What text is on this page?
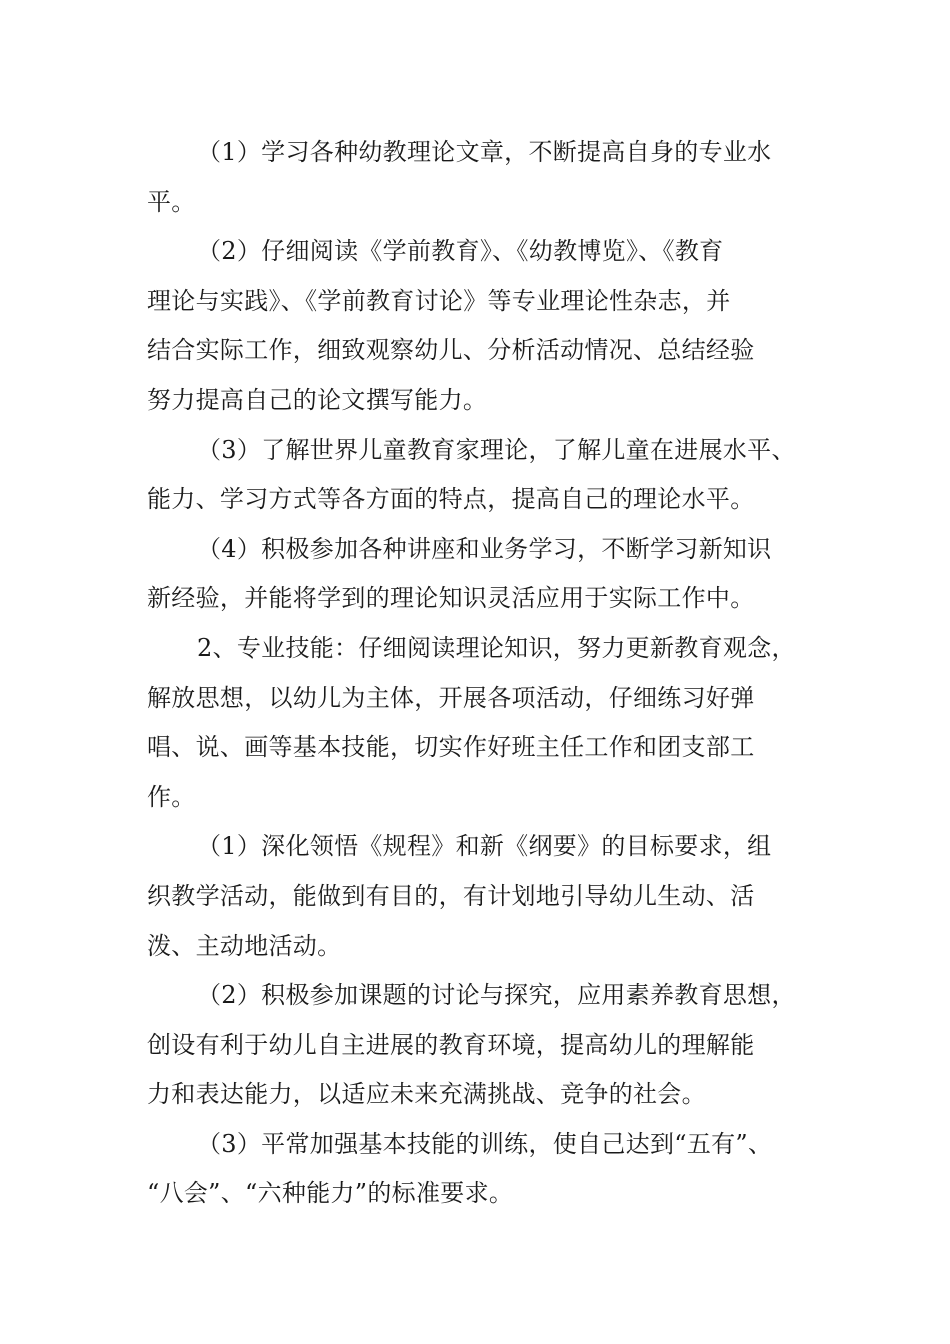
（1）学习各种幼教理论文章，不断提高自身的专业水
平。
（2）仔细阅读《学前教育》、《幼教博览》、《教育
理论与实践》、《学前教育讨论》等专业理论性杂志，并
结合实际工作，细致观察幼儿、分析活动情况、总结经验
努力提高自己的论文撰写能力。
（3）了解世界儿童教育家理论，了解儿童在进展水平、
能力、学习方式等各方面的特点，提高自己的理论水平。
（4）积极参加各种讲座和业务学习，不断学习新知识
新经验，并能将学到的理论知识灵活应用于实际工作中。
2、专业技能：仔细阅读理论知识，努力更新教育观念，
解放思想，以幼儿为主体，开展各项活动，仔细练习好弹
唱、说、画等基本技能，切实作好班主任工作和团支部工
作。
（1）深化领悟《规程》和新《纲要》的目标要求，组
织教学活动，能做到有目的，有计划地引导幼儿生动、活
泼、主动地活动。
（2）积极参加课题的讨论与探究，应用素养教育思想，
创设有利于幼儿自主进展的教育环境，提高幼儿的理解能
力和表达能力，以适应未来充满挑战、竞争的社会。
（3）平常加强基本技能的训练，使自己达到“五有”、
“八会”、“六种能力”的标准要求。
